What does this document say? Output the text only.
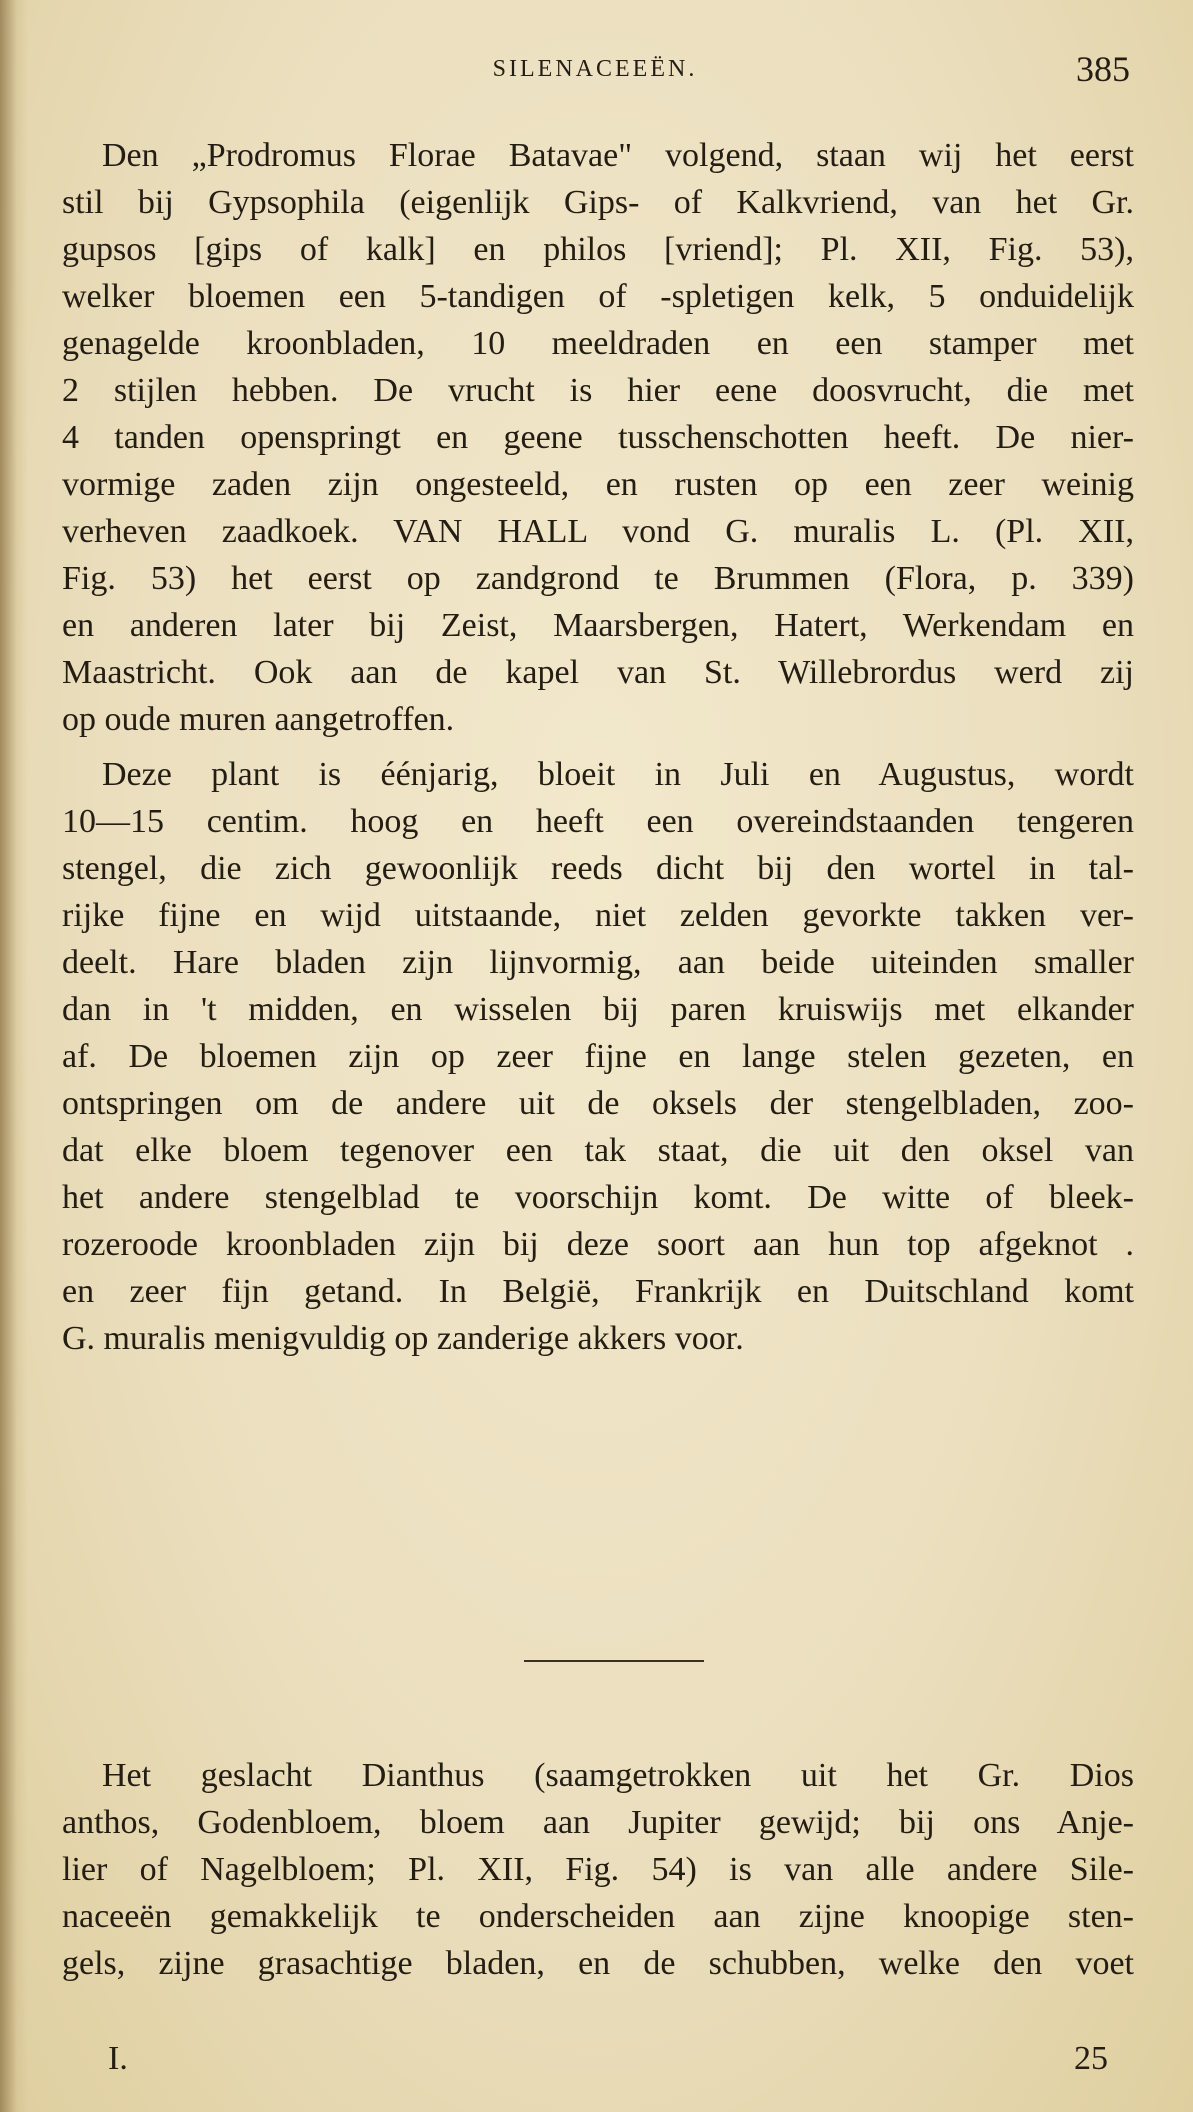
SILENACEEËN.	385
Den „Prodromus Florae Batavae" volgend, staan wij het eerst
stil bij Gypsophila (eigenlijk Gips- of Kalkvriend, van het Gr.
gupsos [gips of kalk] en philos [vriend]; Pl. XII, Fig. 53),
welker bloemen een 5-tandigen of -spletigen kelk, 5 onduidelijk
genagelde kroonbladen, 10 meeldraden en een stamper met
2 stijlen hebben. De vrucht is hier eene doosvrucht, die met
4 tanden openspringt en geene tusschenschotten heeft. De nier-
vormige zaden zijn ongesteeld, en rusten op een zeer weinig
verheven zaadkoek. VAN HALL vond G. muralis L. (Pl. XII,
Fig. 53) het eerst op zandgrond te Brummen (Flora, p. 339)
en anderen later bij Zeist, Maarsbergen, Hatert, Werkendam en
Maastricht. Ook aan de kapel van St. Willebrordus werd zij
op oude muren aangetroffen.
Deze plant is éénjarig, bloeit in Juli en Augustus, wordt
10—15 centim. hoog en heeft een overeindstaanden tengeren
stengel, die zich gewoonlijk reeds dicht bij den wortel in tal-
rijke fijne en wijd uitstaande, niet zelden gevorkte takken ver-
deelt. Hare bladen zijn lijnvormig, aan beide uiteinden smaller
dan in 't midden, en wisselen bij paren kruiswijs met elkander
af. De bloemen zijn op zeer fijne en lange stelen gezeten, en
ontspringen om de andere uit de oksels der stengelbladen, zoo-
dat elke bloem tegenover een tak staat, die uit den oksel van
het andere stengelblad te voorschijn komt. De witte of bleek-
rozeroode kroonbladen zijn bij deze soort aan hun top afgeknot .
en zeer fijn getand. In België, Frankrijk en Duitschland komt
G. muralis menigvuldig op zanderige akkers voor.
Het geslacht Dianthus (saamgetrokken uit het Gr. Dios
anthos, Godenbloem, bloem aan Jupiter gewijd; bij ons Anje-
lier of Nagelbloem; Pl. XII, Fig. 54) is van alle andere Sile-
naceeën gemakkelijk te onderscheiden aan zijne knoopige sten-
gels, zijne grasachtige bladen, en de schubben, welke den voet
I.	25
